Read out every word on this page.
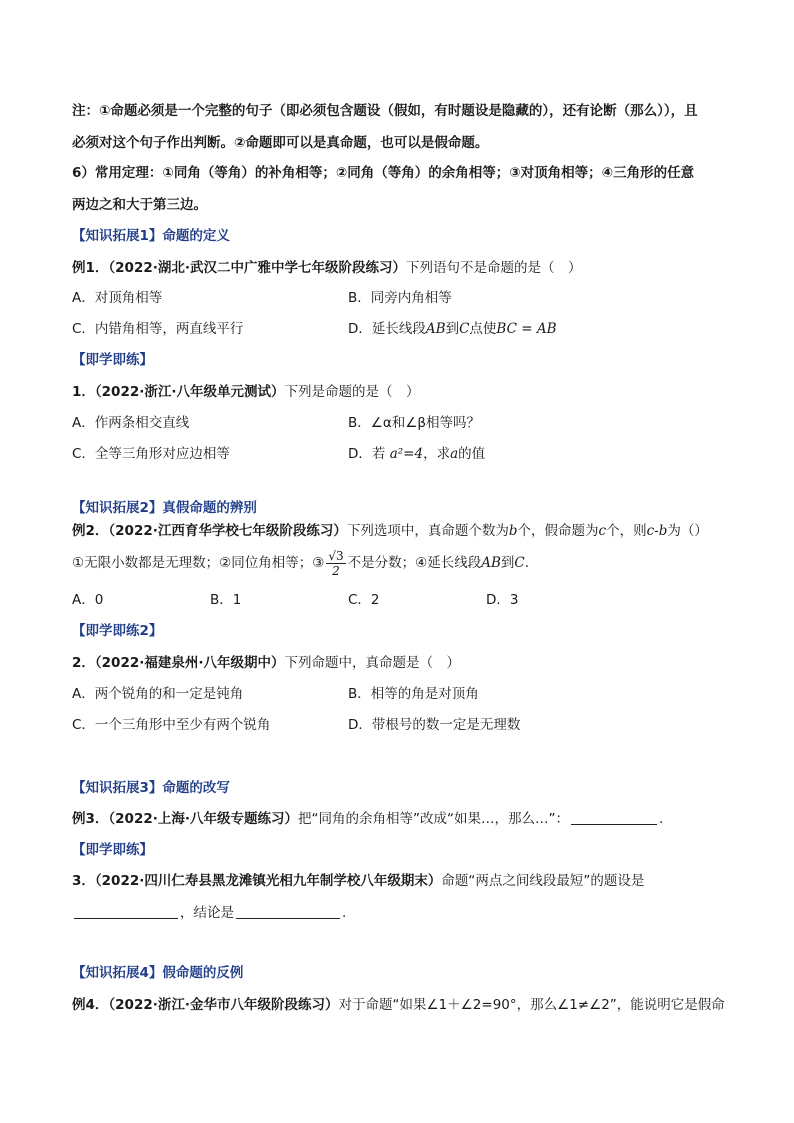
注：①命题必须是一个完整的句子（即必须包含题设（假如，有时题设是隐藏的），还有论断（那么）），且
必须对这个句子作出判断。②命题即可以是真命题，也可以是假命题。
6）常用定理：①同角（等角）的补角相等；②同角（等角）的余角相等；③对顶角相等；④三角形的任意
两边之和大于第三边。
【知识拓展1】命题的定义
例1．（2022·湖北·武汉二中广雅中学七年级阶段练习）下列语句不是命题的是（　）
A．对顶角相等	B．同旁内角相等
C．内错角相等，两直线平行	D．延长线段AB到C点使BC = AB
【即学即练】
1．（2022·浙江·八年级单元测试）下列是命题的是（　）
A．作两条相交直线	B．∠α和∠β相等吗？
C．全等三角形对应边相等	D．若 a²=4，求a的值
【知识拓展2】真假命题的辨别
例2．（2022·江西育华学校七年级阶段练习）下列选项中，真命题个数为b个，假命题为c个，则c-b为（）
①无限小数都是无理数；②同位角相等；③ $\frac{√3}{2}$ 不是分数；④延长线段AB到C.
A．0	B．1	C．2	D．3
【即学即练2】
2．（2022·福建泉州·八年级期中）下列命题中，真命题是（　）
A．两个锐角的和一定是钝角	B．相等的角是对顶角
C．一个三角形中至少有两个锐角	D．带根号的数一定是无理数
【知识拓展3】命题的改写
例3．（2022·上海·八年级专题练习）把“同角的余角相等”改成“如果…，那么…”：	.
【即学即练】
3．（2022·四川仁寿县黑龙滩镇光相九年制学校八年级期末）命题“两点之间线段最短”的题设是
，结论是	.
【知识拓展4】假命题的反例
例4．（2022·浙江·金华市八年级阶段练习）对于命题“如果∠1＋∠2=90°，那么∠1≠∠2”，能说明它是假命
